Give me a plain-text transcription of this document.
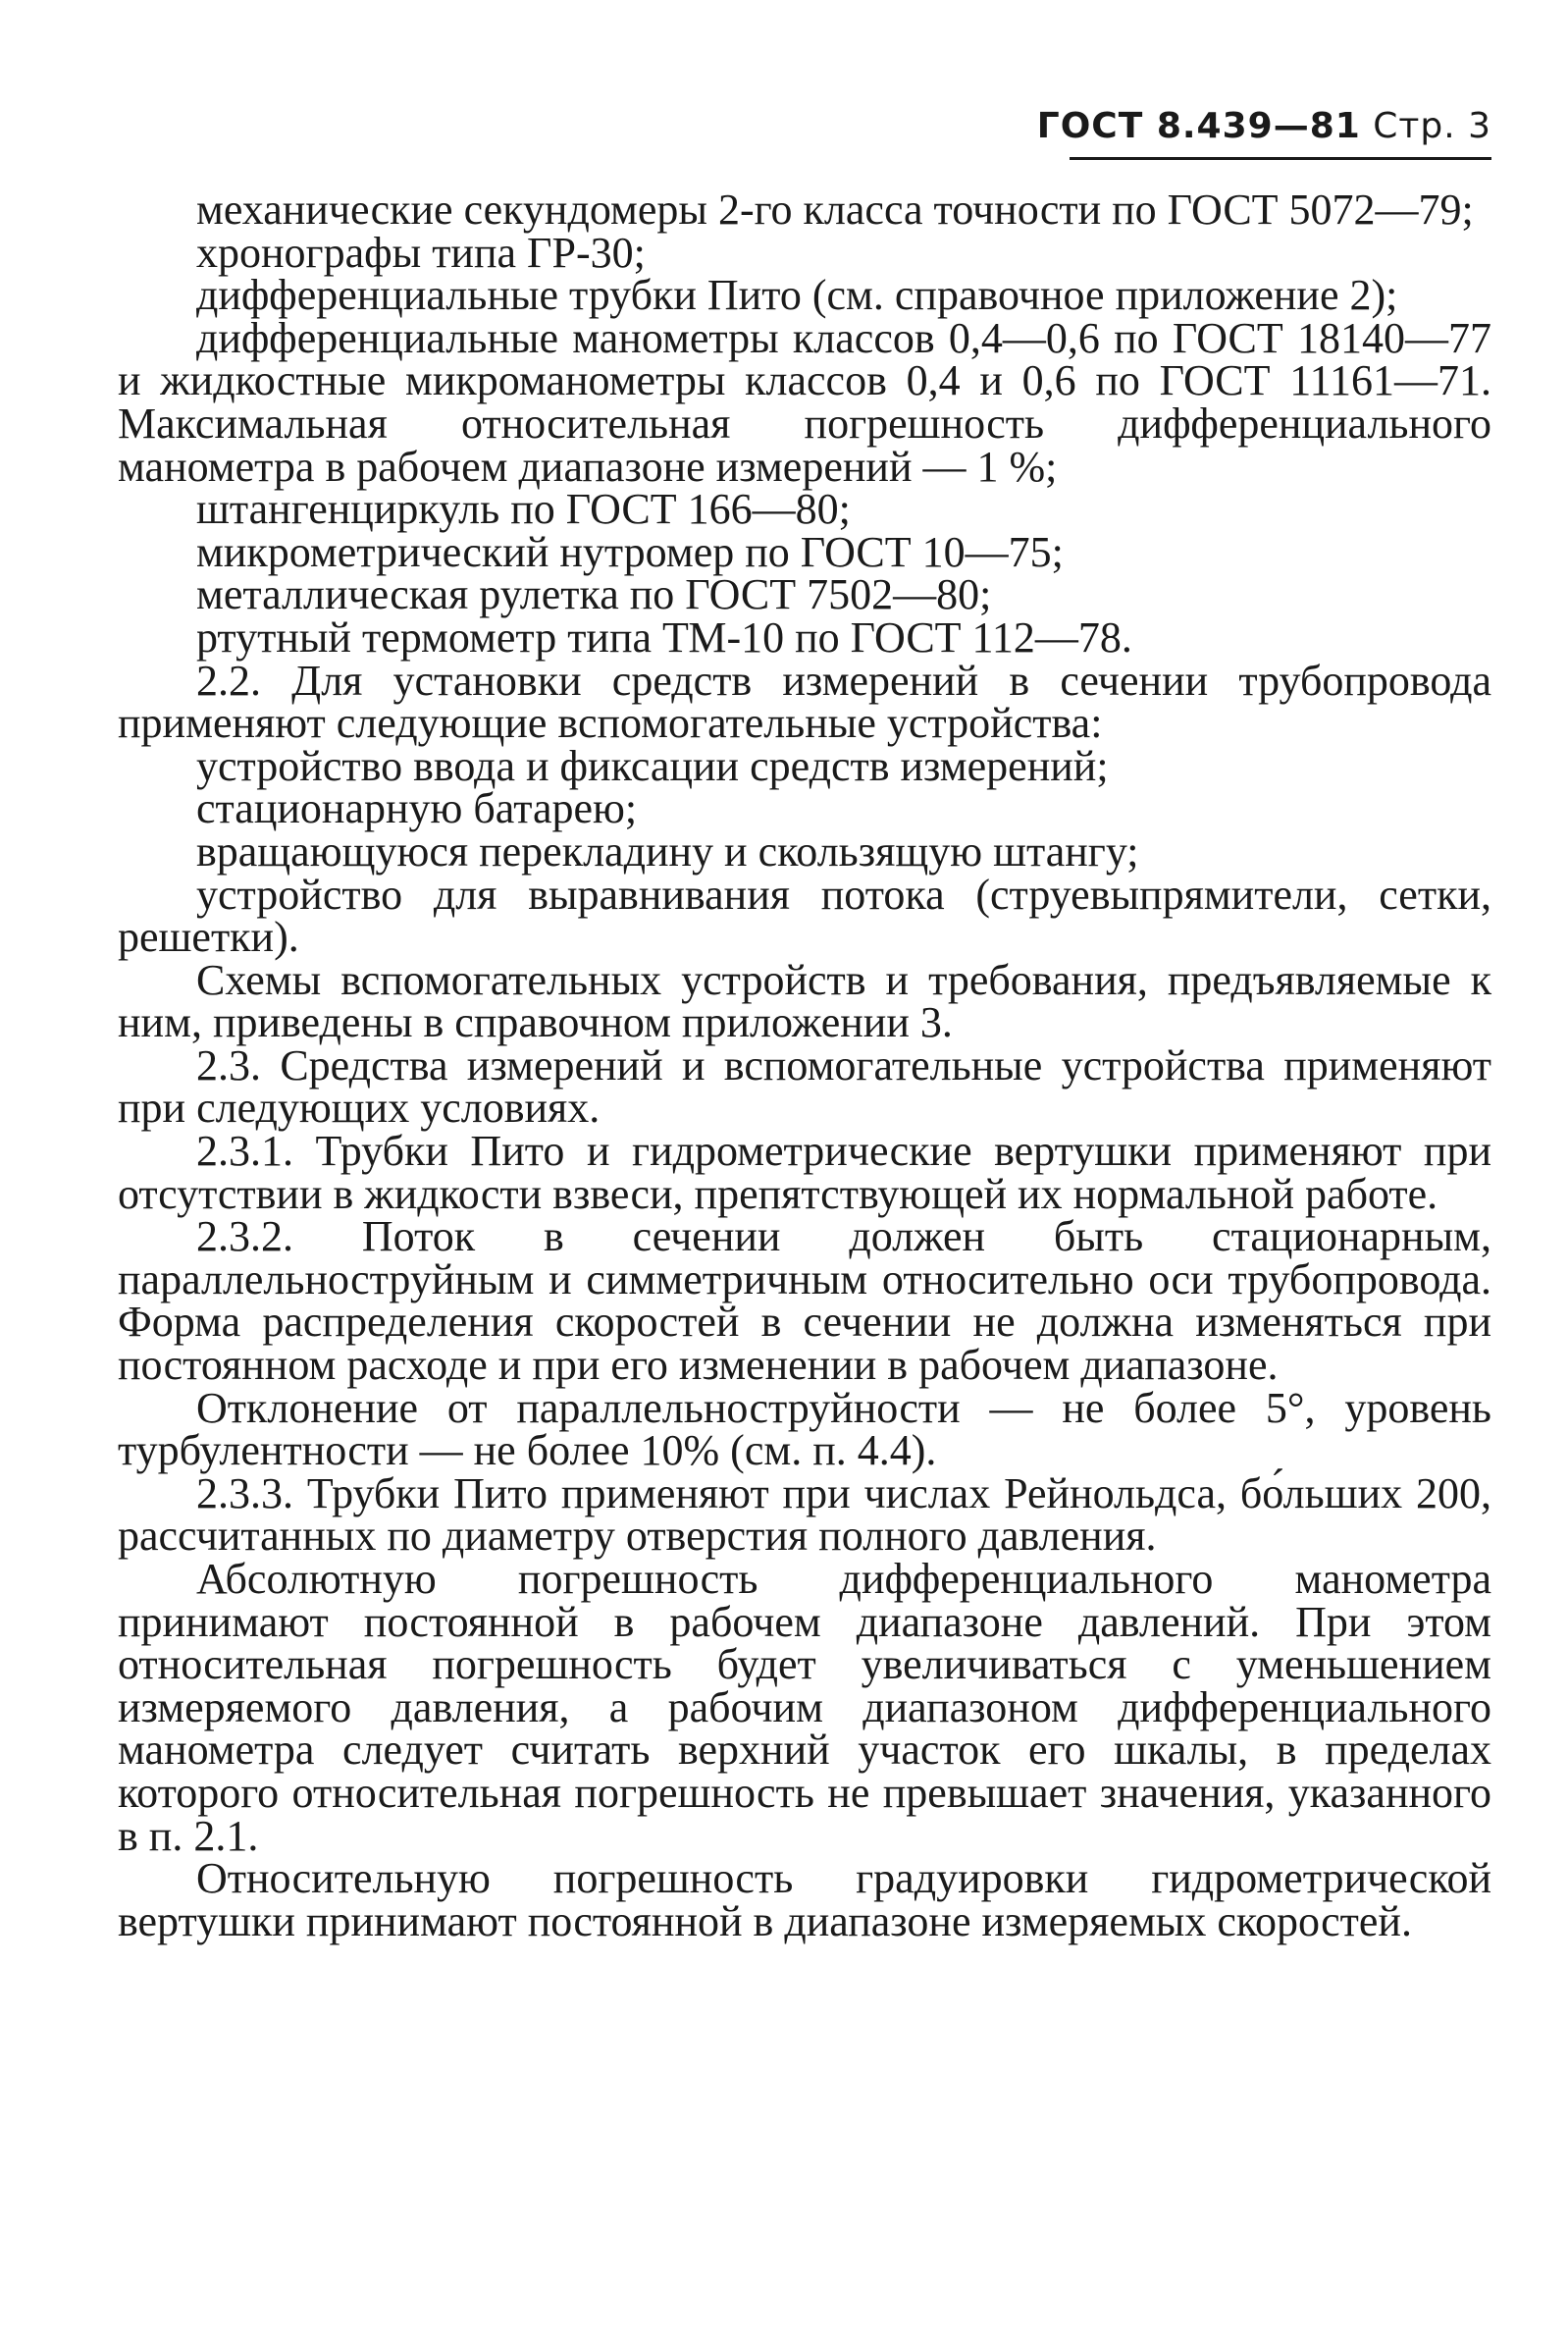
ГОСТ 8.439—81 Стр. 3

механические секундомеры 2-го класса точности по ГОСТ 5072—79;

хронографы типа ГР-30;

дифференциальные трубки Пито (см. справочное приложение 2);

дифференциальные манометры классов 0,4—0,6 по ГОСТ 18140—77 и жидкостные микроманометры классов 0,4 и 0,6 по ГОСТ 11161—71. Максимальная относительная погрешность дифференциального манометра в рабочем диапазоне измерений — 1 %;

штангенциркуль по ГОСТ 166—80;

микрометрический нутромер по ГОСТ 10—75;

металлическая рулетка по ГОСТ 7502—80;

ртутный термометр типа ТМ-10 по ГОСТ 112—78.

2.2. Для установки средств измерений в сечении трубопровода применяют следующие вспомогательные устройства:

устройство ввода и фиксации средств измерений;

стационарную батарею;

вращающуюся перекладину и скользящую штангу;

устройство для выравнивания потока (струевыпрямители, сетки, решетки).

Схемы вспомогательных устройств и требования, предъявляемые к ним, приведены в справочном приложении 3.

2.3. Средства измерений и вспомогательные устройства применяют при следующих условиях.

2.3.1. Трубки Пито и гидрометрические вертушки применяют при отсутствии в жидкости взвеси, препятствующей их нормальной работе.

2.3.2. Поток в сечении должен быть стационарным, параллельноструйным и симметричным относительно оси трубопровода. Форма распределения скоростей в сечении не должна изменяться при постоянном расходе и при его изменении в рабочем диапазоне.

Отклонение от параллельноструйности — не более 5°, уровень турбулентности — не более 10% (см. п. 4.4).

2.3.3. Трубки Пито применяют при числах Рейнольдса, бо́льших 200, рассчитанных по диаметру отверстия полного давления.

Абсолютную погрешность дифференциального манометра принимают постоянной в рабочем диапазоне давлений. При этом относительная погрешность будет увеличиваться с уменьшением измеряемого давления, а рабочим диапазоном дифференциального манометра следует считать верхний участок его шкалы, в пределах которого относительная погрешность не превышает значения, указанного в п. 2.1.

Относительную погрешность градуировки гидрометрической вертушки принимают постоянной в диапазоне измеряемых скоростей.
